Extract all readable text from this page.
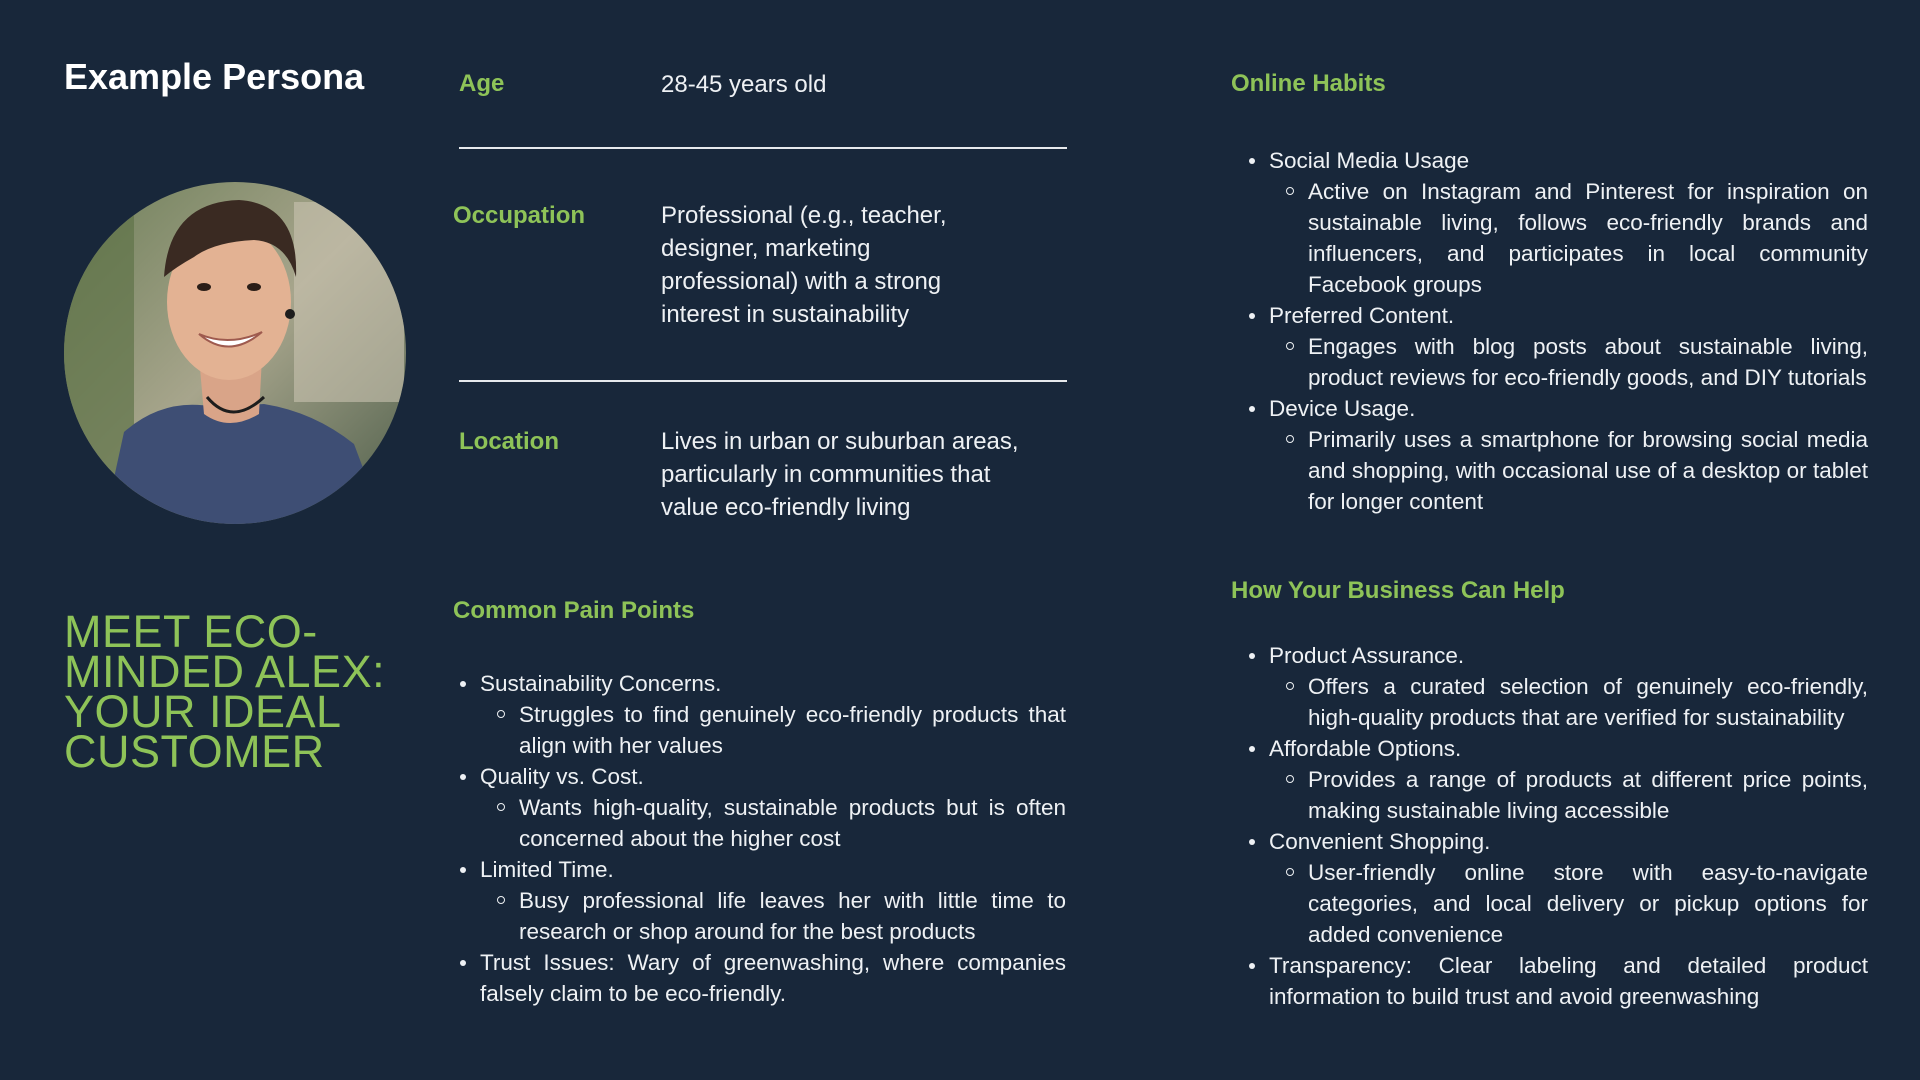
Example Persona
MEET ECO-MINDED ALEX: YOUR IDEAL CUSTOMER
Age	28-45 years old
Occupation	Professional (e.g., teacher, designer, marketing professional) with a strong interest in sustainability
Location	Lives in urban or suburban areas, particularly in communities that value eco-friendly living
Common Pain Points
Sustainability Concerns.
Struggles to find genuinely eco-friendly products that align with her values
Quality vs. Cost.
Wants high-quality, sustainable products but is often concerned about the higher cost
Limited Time.
Busy professional life leaves her with little time to research or shop around for the best products
Trust Issues: Wary of greenwashing, where companies falsely claim to be eco-friendly.
Online Habits
Social Media Usage
Active on Instagram and Pinterest for inspiration on sustainable living, follows eco-friendly brands and influencers, and participates in local community Facebook groups
Preferred Content.
Engages with blog posts about sustainable living, product reviews for eco-friendly goods, and DIY tutorials
Device Usage.
Primarily uses a smartphone for browsing social media and shopping, with occasional use of a desktop or tablet for longer content
How Your Business Can Help
Product Assurance.
Offers a curated selection of genuinely eco-friendly, high-quality products that are verified for sustainability
Affordable Options.
Provides a range of products at different price points, making sustainable living accessible
Convenient Shopping.
User-friendly online store with easy-to-navigate categories, and local delivery or pickup options for added convenience
Transparency: Clear labeling and detailed product information to build trust and avoid greenwashing
